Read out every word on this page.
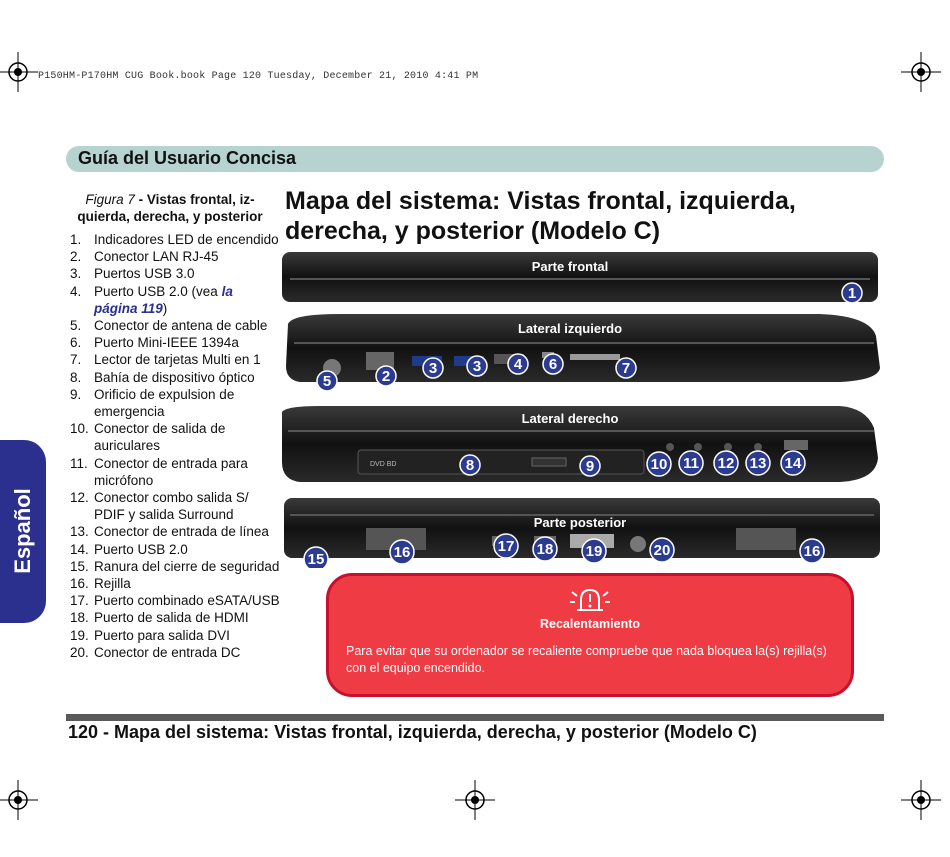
P150HM-P170HM CUG Book.book Page 120 Tuesday, December 21, 2010 4:41 PM
Guía del Usuario Concisa
Español
Figura 7 - Vistas frontal, iz-quierda, derecha, y posterior
1. Indicadores LED de encendido
2. Conector LAN RJ-45
3. Puertos USB 3.0
4. Puerto USB 2.0 (vea la página 119)
5. Conector de antena de cable
6. Puerto Mini-IEEE 1394a
7. Lector de tarjetas Multi en 1
8. Bahía de dispositivo óptico
9. Orificio de expulsion de emergencia
10. Conector de salida de auriculares
11. Conector de entrada para micrófono
12. Conector combo salida S/ PDIF y salida Surround
13. Conector de entrada de línea
14. Puerto USB 2.0
15. Ranura del cierre de seguridad
16. Rejilla
17. Puerto combinado eSATA/USB
18. Puerto de salida de HDMI
19. Puerto para salida DVI
20. Conector de entrada DC
Mapa del sistema: Vistas frontal, izquierda, derecha, y posterior (Modelo C)
Parte frontal
Lateral izquierdo
DVD BD
Lateral derecho
Parte posterior
1
5	2	3 3 4 6	7
8	9	10 11 12 13 14
15	16	17 18 19	20	16
Recalentamiento
Para evitar que su ordenador se recaliente compruebe que nada bloquea la(s) rejilla(s) con el equipo encendido.
120 - Mapa del sistema: Vistas frontal, izquierda, derecha, y posterior (Modelo C)
